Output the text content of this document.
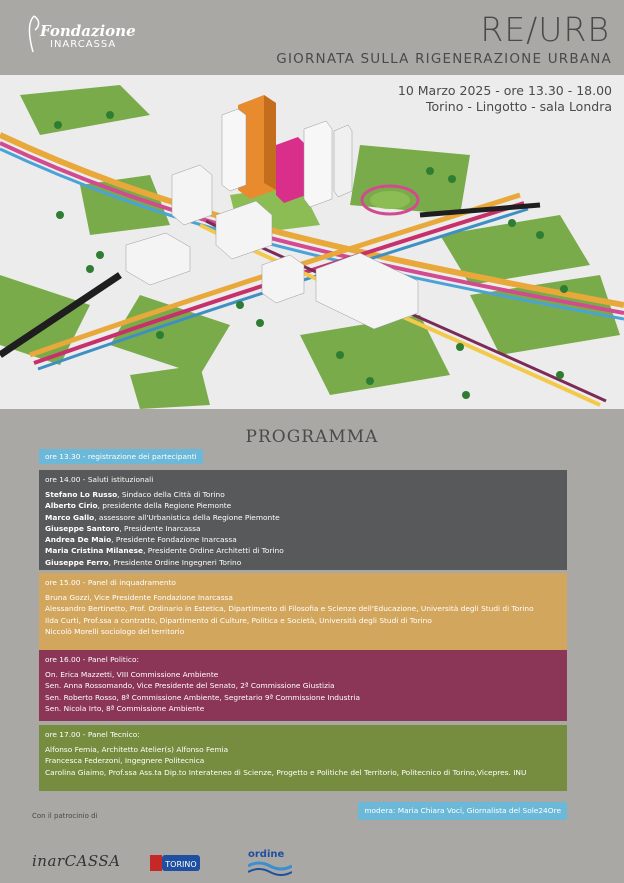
Fondazione
INARCASSA	RE/URB
GIORNATA SULLA RIGENERAZIONE URBANA
10 Marzo 2025 - ore 13.30 - 18.00
Torino - Lingotto - sala Londra
PROGRAMMA
ore 13.30 - registrazione dei partecipanti
ore 14.00 - Saluti istituzionali
Stefano Lo Russo, Sindaco della Città di Torino
Alberto Cirio, presidente della Regione Piemonte
Marco Gallo, assessore all'Urbanistica della Regione Piemonte
Giuseppe Santoro, Presidente Inarcassa
Andrea De Maio, Presidente Fondazione Inarcassa
Maria Cristina Milanese, Presidente Ordine Architetti di Torino
Giuseppe Ferro, Presidente Ordine Ingegneri Torino
ore 15.00 - Panel di inquadramento
Bruna Gozzi, Vice Presidente Fondazione Inarcassa
Alessandro Bertinetto, Prof. Ordinario in Estetica, Dipartimento di Filosofia e Scienze dell'Educazione, Università degli Studi di Torino
Ilda Curti, Prof.ssa a contratto, Dipartimento di Culture, Politica e Società, Università degli Studi di Torino
Niccolò Morelli sociologo del territorio
ore 16.00 - Panel Politico:
On. Erica Mazzetti, VIII Commissione Ambiente
Sen. Anna Rossomando, Vice Presidente del Senato, 2ª Commissione Giustizia
Sen. Roberto Rosso, 8ª Commissione Ambiente, Segretario 9ª Commissione Industria
Sen. Nicola Irto, 8ª Commissione Ambiente
ore 17.00 - Panel Tecnico:
Alfonso Femia, Architetto Atelier(s) Alfonso Femia
Francesca Federzoni, Ingegnere Politecnica
Carolina Giaimo, Prof.ssa Ass.ta Dip.to Interateneo di Scienze, Progetto e Politiche del Territorio, Politecnico di Torino,Vicepres. INU
modera: Maria Chiara Voci, Giornalista del Sole24Ore
Con il patrocinio di
inarCASSA	TORINO
ordine
